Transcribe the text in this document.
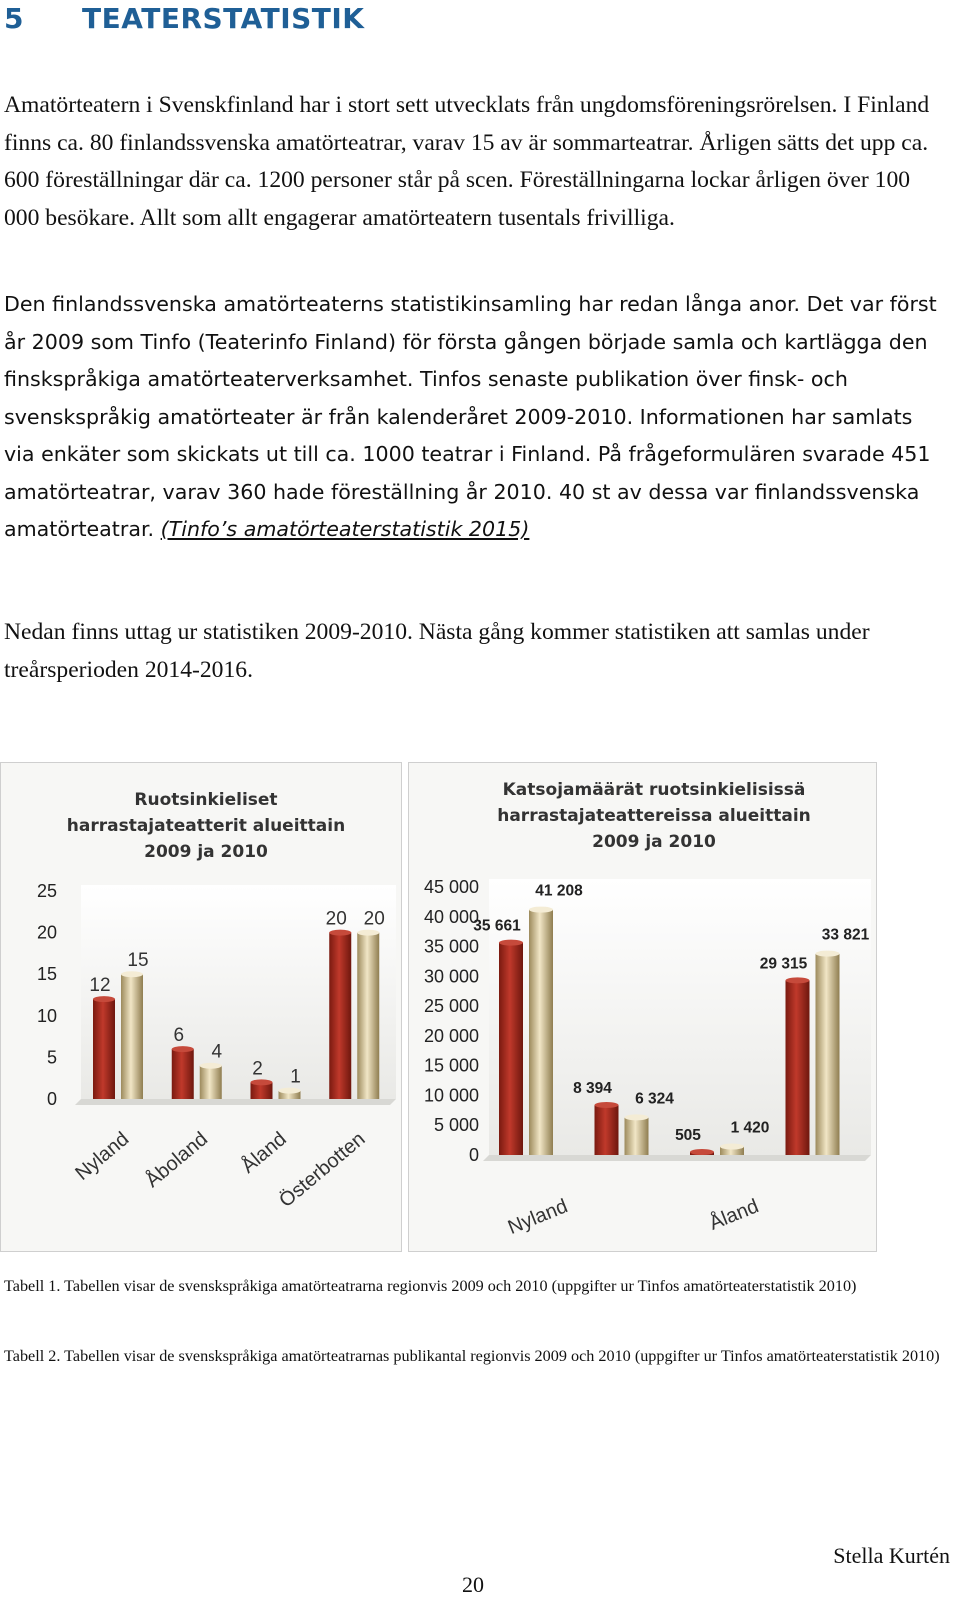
5 TEATERSTATISTIK

Amatörteatern i Svenskfinland har i stort sett utvecklats från ungdomsföreningsrörelsen. I Finland finns ca. 80 finlandssvenska amatörteatrar, varav 15 av är sommarteatrar. Årligen sätts det upp ca. 600 föreställningar där ca. 1200 personer står på scen. Föreställningarna lockar årligen över 100 000 besökare. Allt som allt engagerar amatörteatern tusentals frivilliga.

Den finlandssvenska amatörteaterns statistikinsamling har redan långa anor. Det var först år 2009 som Tinfo (Teaterinfo Finland) för första gången började samla och kartlägga den finskspråkiga amatörteaterverksamhet. Tinfos senaste publikation över finsk- och svenskspråkig amatörteater är från kalenderåret 2009-2010. Informationen har samlats via enkäter som skickats ut till ca. 1000 teatrar i Finland. På frågeformulären svarade 451 amatörteatrar, varav 360 hade föreställning år 2010. 40 st av dessa var finlandssvenska amatörteatrar. (Tinfo’s amatörteaterstatistik 2015)

Nedan finns uttag ur statistiken 2009-2010. Nästa gång kommer statistiken att samlas under treårsperioden 2014-2016.

Ruotsinkieliset
harrastajateatterit alueittain
2009 ja 2010
0
5
10
15
20
25
12
15
Nyland
6
4
Åboland
2 1
Åland
20 20
Österbotten
Katsojamäärät ruotsinkielisissä
harrastajateattereissa alueittain
2009 ja 2010
0
5 000
10 000
15 000
20 000
25 000
30 000
35 000
40 000
45 000
35 661
41 208
8 394
6 324
505 1 420
29 315
33 821
Nyland	Åland

Tabell 1. Tabellen visar de svenskspråkiga amatörteatrarna regionvis 2009 och 2010 (uppgifter ur Tinfos amatörteaterstatistik 2010)

Tabell 2. Tabellen visar de svenskspråkiga amatörteatrarnas publikantal regionvis 2009 och 2010 (uppgifter ur Tinfos amatörteaterstatistik 2010)

Stella Kurtén
20
